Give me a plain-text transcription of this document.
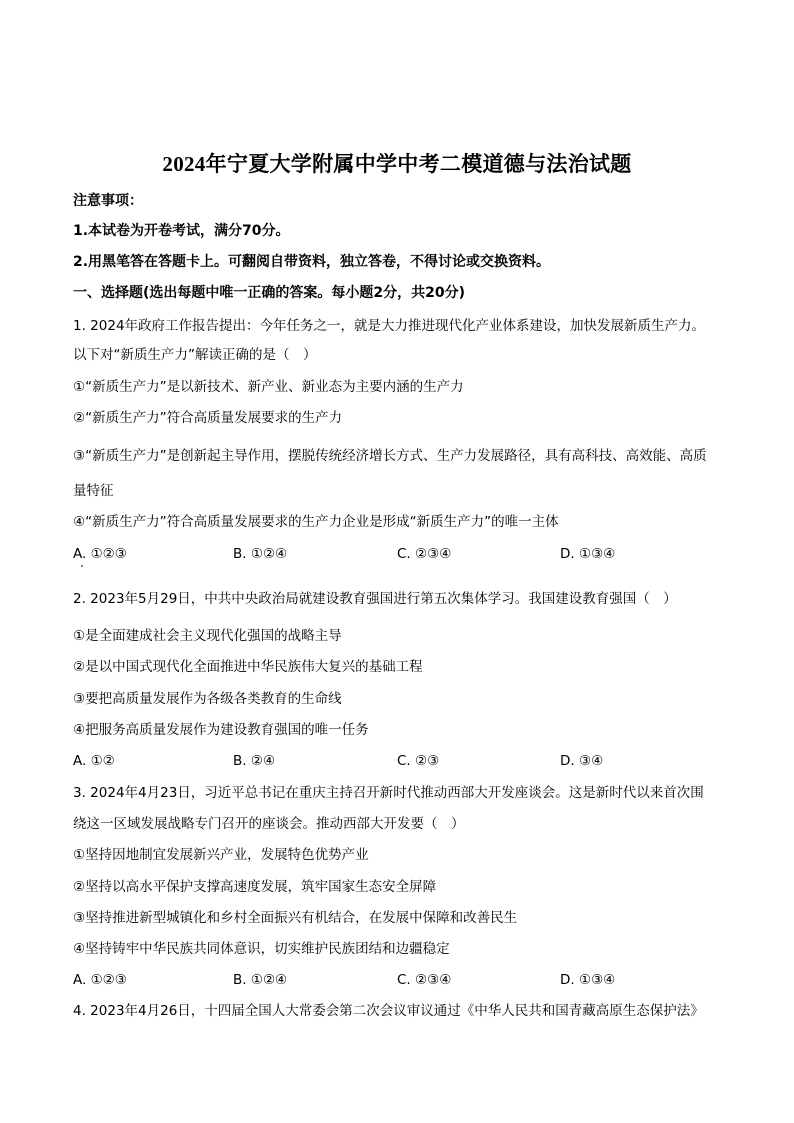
2024年宁夏大学附属中学中考二模道德与法治试题
注意事项：
1.本试卷为开卷考试，满分70分。
2.用黑笔答在答题卡上。可翻阅自带资料，独立答卷，不得讨论或交换资料。
一、选择题(选出每题中唯一正确的答案。每小题2分，共20分)
1. 2024年政府工作报告提出：今年任务之一，就是大力推进现代化产业体系建设，加快发展新质生产力。
以下对“新质生产力”解读正确的是（　）
①“新质生产力”是以新技术、新产业、新业态为主要内涵的生产力
②“新质生产力”符合高质量发展要求的生产力
③“新质生产力”是创新起主导作用，摆脱传统经济增长方式、生产力发展路径，具有高科技、高效能、高质
量特征
④“新质生产力”符合高质量发展要求的生产力企业是形成“新质生产力”的唯一主体
A. ①②③	B. ①②④	C. ②③④	D. ①③④
2. 2023年5月29日，中共中央政治局就建设教育强国进行第五次集体学习。我国建设教育强国（　）
①是全面建成社会主义现代化强国的战略主导
②是以中国式现代化全面推进中华民族伟大复兴的基础工程
③要把高质量发展作为各级各类教育的生命线
④把服务高质量发展作为建设教育强国的唯一任务
A. ①②	B. ②④	C. ②③	D. ③④
3. 2024年4月23日，习近平总书记在重庆主持召开新时代推动西部大开发座谈会。这是新时代以来首次围
绕这一区域发展战略专门召开的座谈会。推动西部大开发要（　）
①坚持因地制宜发展新兴产业，发展特色优势产业
②坚持以高水平保护支撑高速度发展，筑牢国家生态安全屏障
③坚持推进新型城镇化和乡村全面振兴有机结合，在发展中保障和改善民生
④坚持铸牢中华民族共同体意识，切实维护民族团结和边疆稳定
A. ①②③	B. ①②④	C. ②③④	D. ①③④
4. 2023年4月26日，十四届全国人大常委会第二次会议审议通过《中华人民共和国青藏高原生态保护法》
